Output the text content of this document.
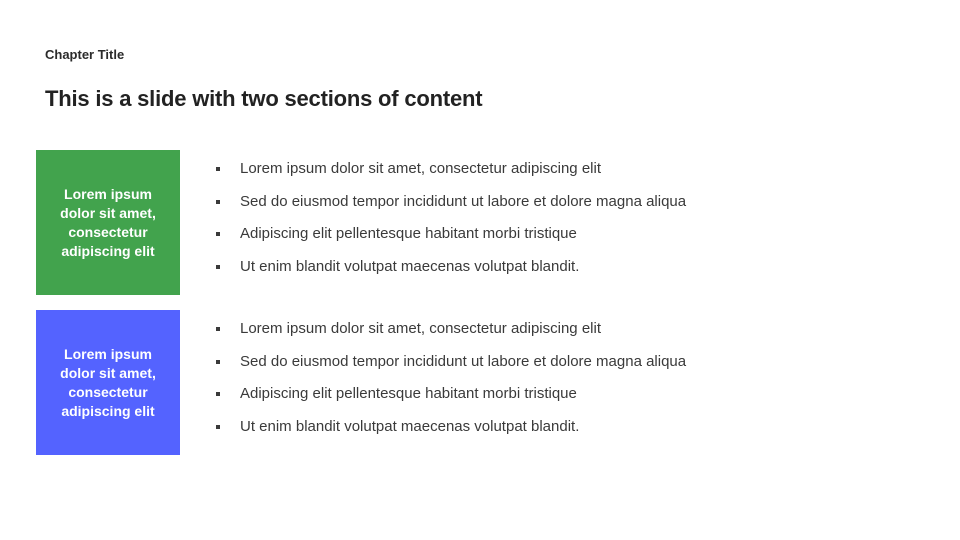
Chapter Title
This is a slide with two sections of content
Lorem ipsum dolor sit amet, consectetur adipiscing elit
Lorem ipsum dolor sit amet, consectetur adipiscing elit
Sed do eiusmod tempor incididunt ut labore et dolore magna aliqua
Adipiscing elit pellentesque habitant morbi tristique
Ut enim blandit volutpat maecenas volutpat blandit.
Lorem ipsum dolor sit amet, consectetur adipiscing elit
Lorem ipsum dolor sit amet, consectetur adipiscing elit
Sed do eiusmod tempor incididunt ut labore et dolore magna aliqua
Adipiscing elit pellentesque habitant morbi tristique
Ut enim blandit volutpat maecenas volutpat blandit.
